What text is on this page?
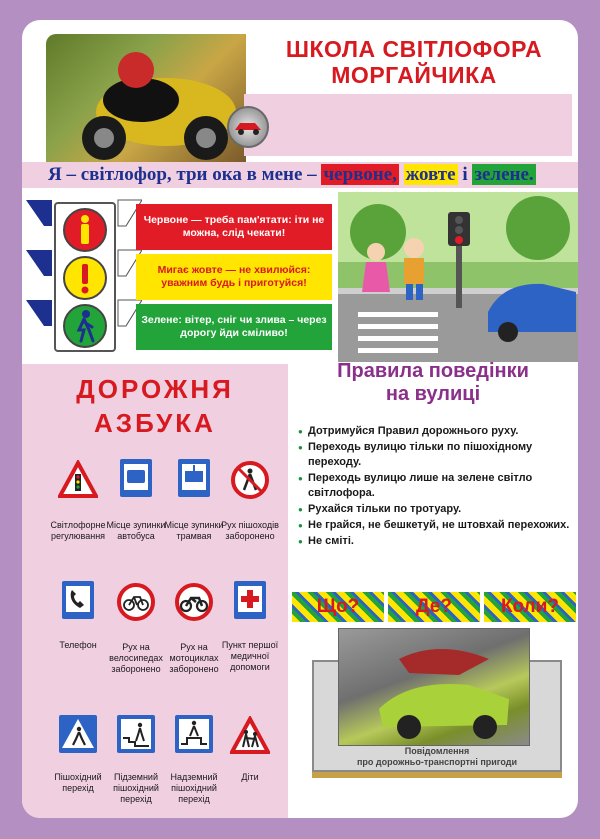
ШКОЛА СВІТЛОФОРА
МОРГАЙЧИКА
Я – світлофор, три ока в мене – червоне, жовте і зелене.
Червоне — треба пам'ятати: іти не можна, слід чекати!
Мигає жовте — не хвилюйся: уважним будь і приготуйся!
Зелене: вітер, сніг чи злива – через дорогу йди сміливо!
ДОРОЖНЯ
АЗБУКА
Світлофорне регулювання
Місце зупинки автобуса
Місце зупинки трамвая
Рух пішоходів заборонено
Телефон	Рух на велосипедах заборонено
Рух на мотоциклах заборонено
Пункт першої медичної допомоги
Пішохідний перехід
Підземний пішохідний перехід
Надземний пішохідний перехід
Діти
Правила поведінки
на вулиці
● Дотримуйся Правил дорожнього руху.
● Переходь вулицю тільки по пішохідному переходу.
● Переходь вулицю лише на зелене світло світлофора.
● Рухайся тільки по тротуару.
● Не грайся, не бешкетуй, не штовхай перехожих.
● Не смітi.
Що?	Де?	Коли?
Повідомлення
про дорожньо-транспортні пригоди
